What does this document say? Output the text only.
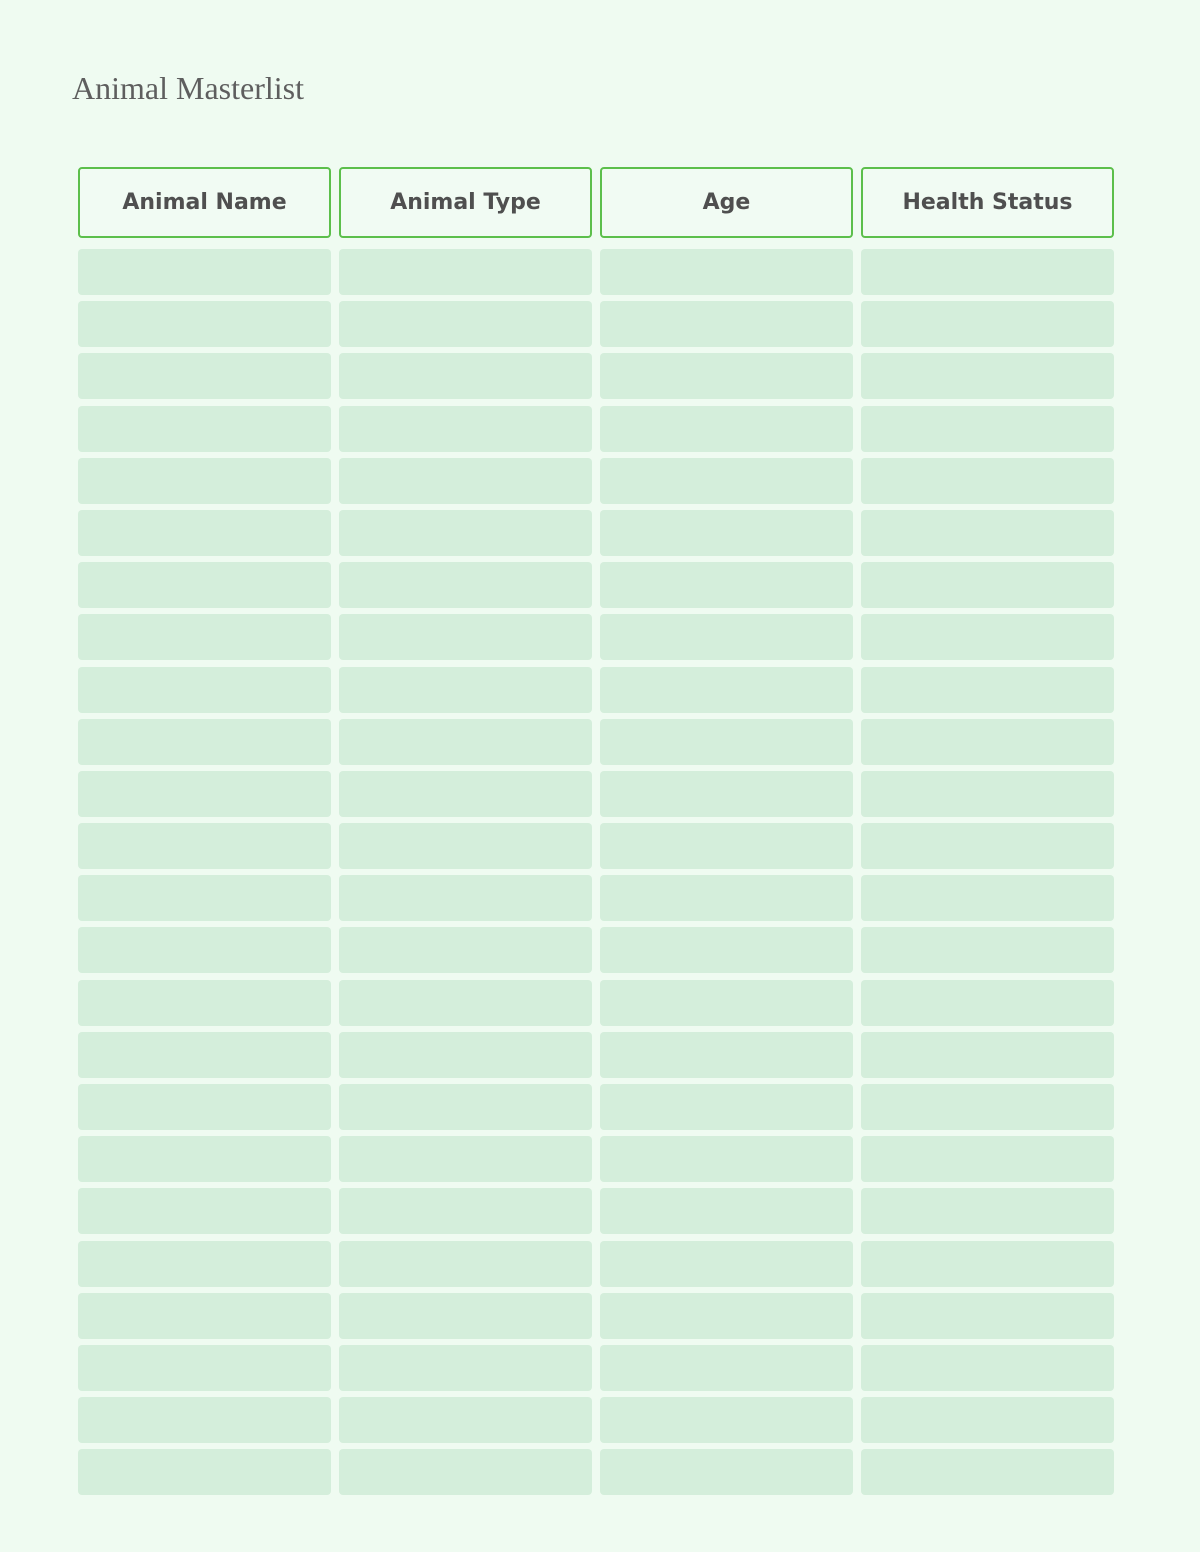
Animal Masterlist
Animal Name	Animal Type	Age	Health Status
